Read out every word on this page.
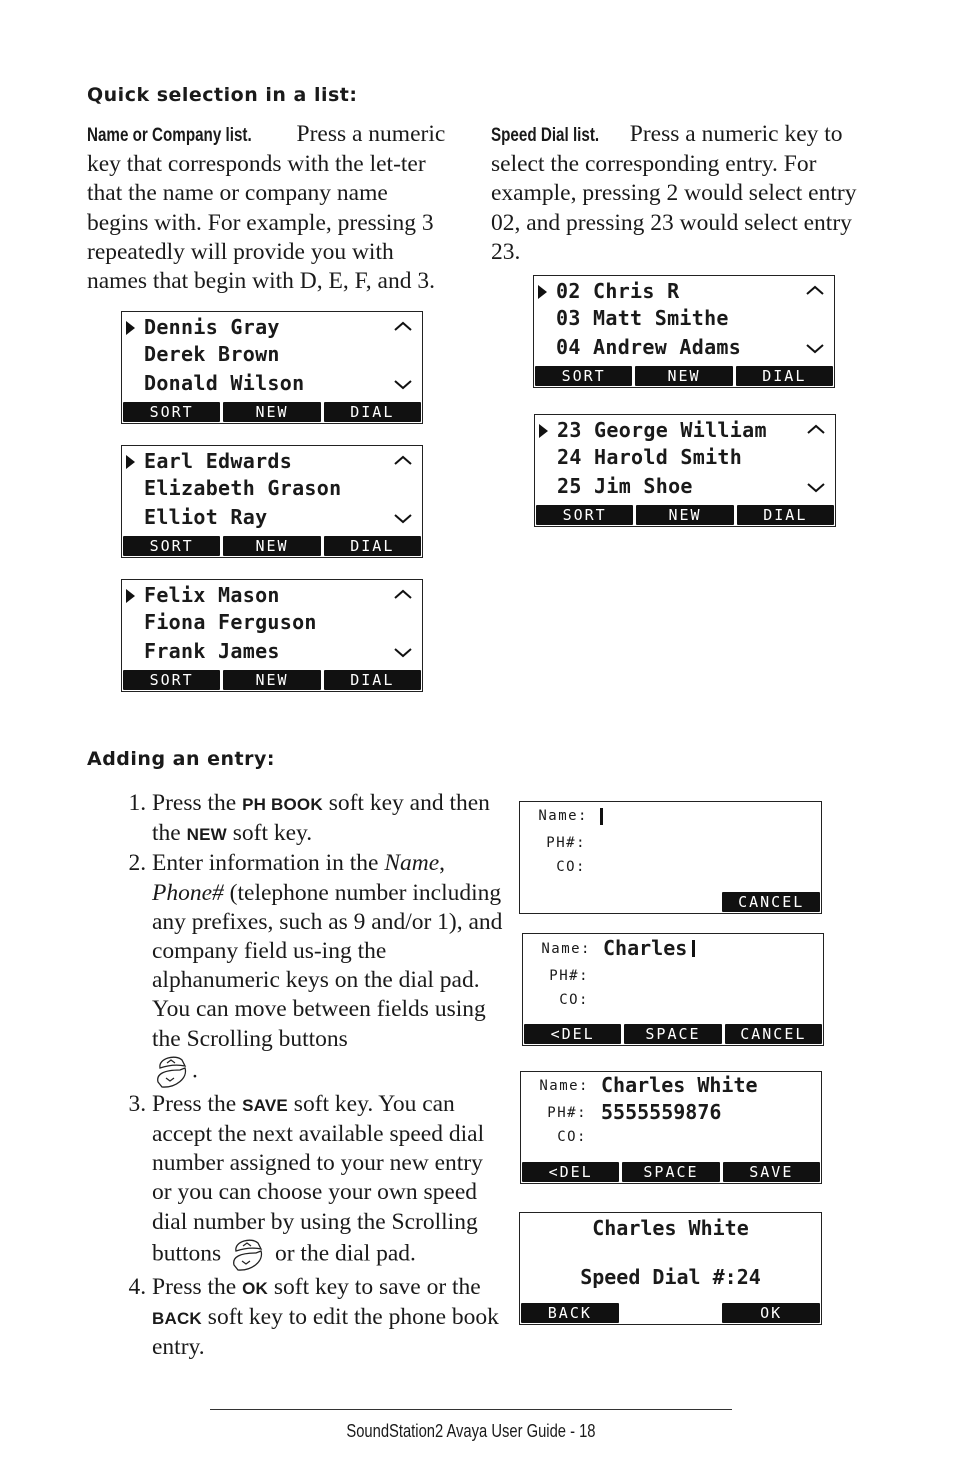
Quick selection in a list:
Name or Company list. Press a numeric key that corresponds with the let-ter that the name or company name begins with. For example, pressing 3 repeatedly will provide you with names that begin with D, E, F, and 3.
Speed Dial list. Press a numeric key to select the corresponding entry. For example, pressing 2 would select entry 02, and pressing 23 would select entry 23.
Dennis Gray
Derek Brown
Donald Wilson
SORT	NEW	DIAL
Earl Edwards
Elizabeth Grason
Elliot Ray
SORT	NEW	DIAL
Felix Mason
Fiona Ferguson
Frank James
SORT	NEW	DIAL
02 Chris R
03 Matt Smithe
04 Andrew Adams
SORT	NEW	DIAL
23 George William
24 Harold Smith
25 Jim Shoe
SORT	NEW	DIAL
Adding an entry:
1. Press the PH BOOK soft key and then the NEW soft key.
2. Enter information in the Name, Phone# (telephone number including any prefixes, such as 9 and/or 1), and company field us-ing the alphanumeric keys on the dial pad. You can move between fields using the Scrolling buttons
.
3. Press the SAVE soft key. You can accept the next available speed dial number assigned to your new entry or you can choose your own speed dial number by using the Scrolling buttons  or the dial pad.
4. Press the OK soft key to save or the BACK soft key to edit the phone book entry.
Name:
PH#:
CO:
CANCEL
Name: Charles
PH#:
CO:
<DEL	SPACE	CANCEL
Name: Charles White
PH#: 5555559876
CO:
<DEL	SPACE	SAVE
Charles White
Speed Dial #:24
BACK	OK
SoundStation2 Avaya User Guide - 18
